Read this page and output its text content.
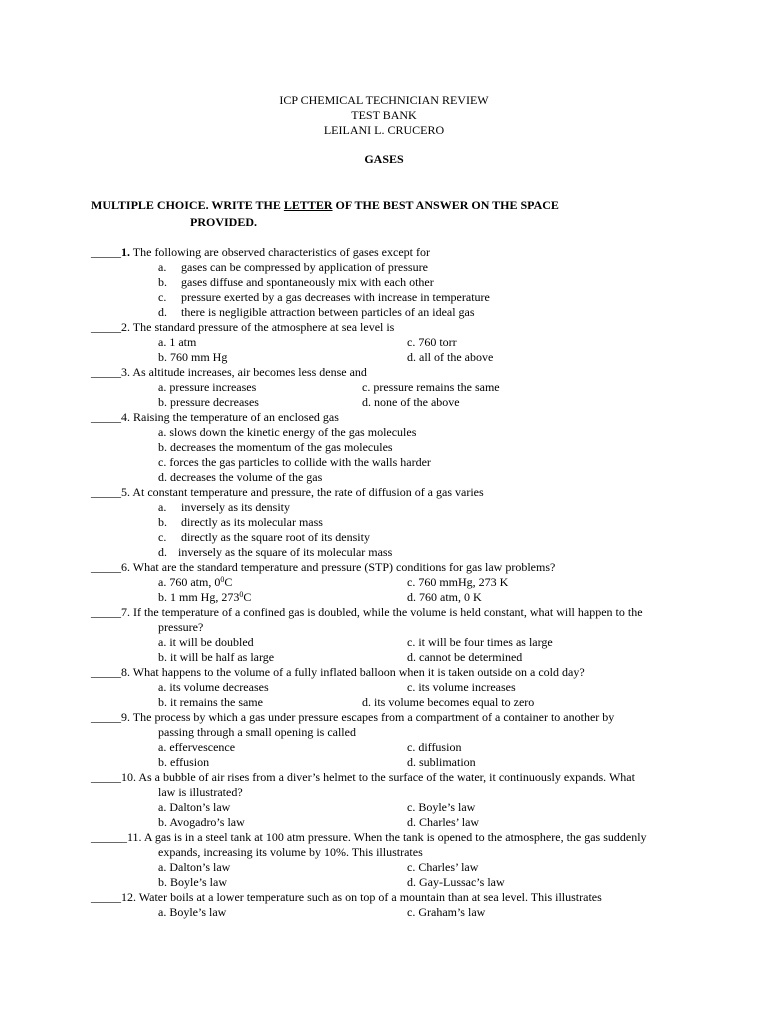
ICP CHEMICAL TECHNICIAN REVIEW
TEST BANK
LEILANI L. CRUCERO
GASES
MULTIPLE CHOICE. WRITE THE LETTER OF THE BEST ANSWER ON THE SPACE
PROVIDED.
_____1. The following are observed characteristics of gases except for
a. gases can be compressed by application of pressure
b. gases diffuse and spontaneously mix with each other
c. pressure exerted by a gas decreases with increase in temperature
d. there is negligible attraction between particles of an ideal gas
_____2. The standard pressure of the atmosphere at sea level is
a. 1 atm	c. 760 torr
b. 760 mm Hg	d. all of the above
_____3. As altitude increases, air becomes less dense and
a. pressure increases	c. pressure remains the same
b. pressure decreases	d. none of the above
_____4. Raising the temperature of an enclosed gas
a. slows down the kinetic energy of the gas molecules
b. decreases the momentum of the gas molecules
c. forces the gas particles to collide with the walls harder
d. decreases the volume of the gas
_____5. At constant temperature and pressure, the rate of diffusion of a gas varies
a. inversely as its density
b. directly as its molecular mass
c. directly as the square root of its density
d. inversely as the square of its molecular mass
_____6. What are the standard temperature and pressure (STP) conditions for gas law problems?
a. 760 atm, $0^0C$	c. 760 mmHg, 273 K
b. 1 mm Hg, $273^0C$	d. 760 atm, 0 K
_____7. If the temperature of a confined gas is doubled, while the volume is held constant, what will happen to the
pressure?
a. it will be doubled	c. it will be four times as large
b. it will be half as large	d. cannot be determined
_____8. What happens to the volume of a fully inflated balloon when it is taken outside on a cold day?
a. its volume decreases	c. its volume increases
b. it remains the same	d. its volume becomes equal to zero
_____9. The process by which a gas under pressure escapes from a compartment of a container to another by
passing through a small opening is called
a. effervescence	c. diffusion
b. effusion	d. sublimation
_____10. As a bubble of air rises from a diver’s helmet to the surface of the water, it continuously expands. What
law is illustrated?
a. Dalton’s law	c. Boyle’s law
b. Avogadro’s law	d. Charles’ law
______11. A gas is in a steel tank at 100 atm pressure. When the tank is opened to the atmosphere, the gas suddenly
expands, increasing its volume by 10%. This illustrates
a. Dalton’s law	c. Charles’ law
b. Boyle’s law	d. Gay-Lussac’s law
_____12. Water boils at a lower temperature such as on top of a mountain than at sea level. This illustrates
a. Boyle’s law	c. Graham’s law
